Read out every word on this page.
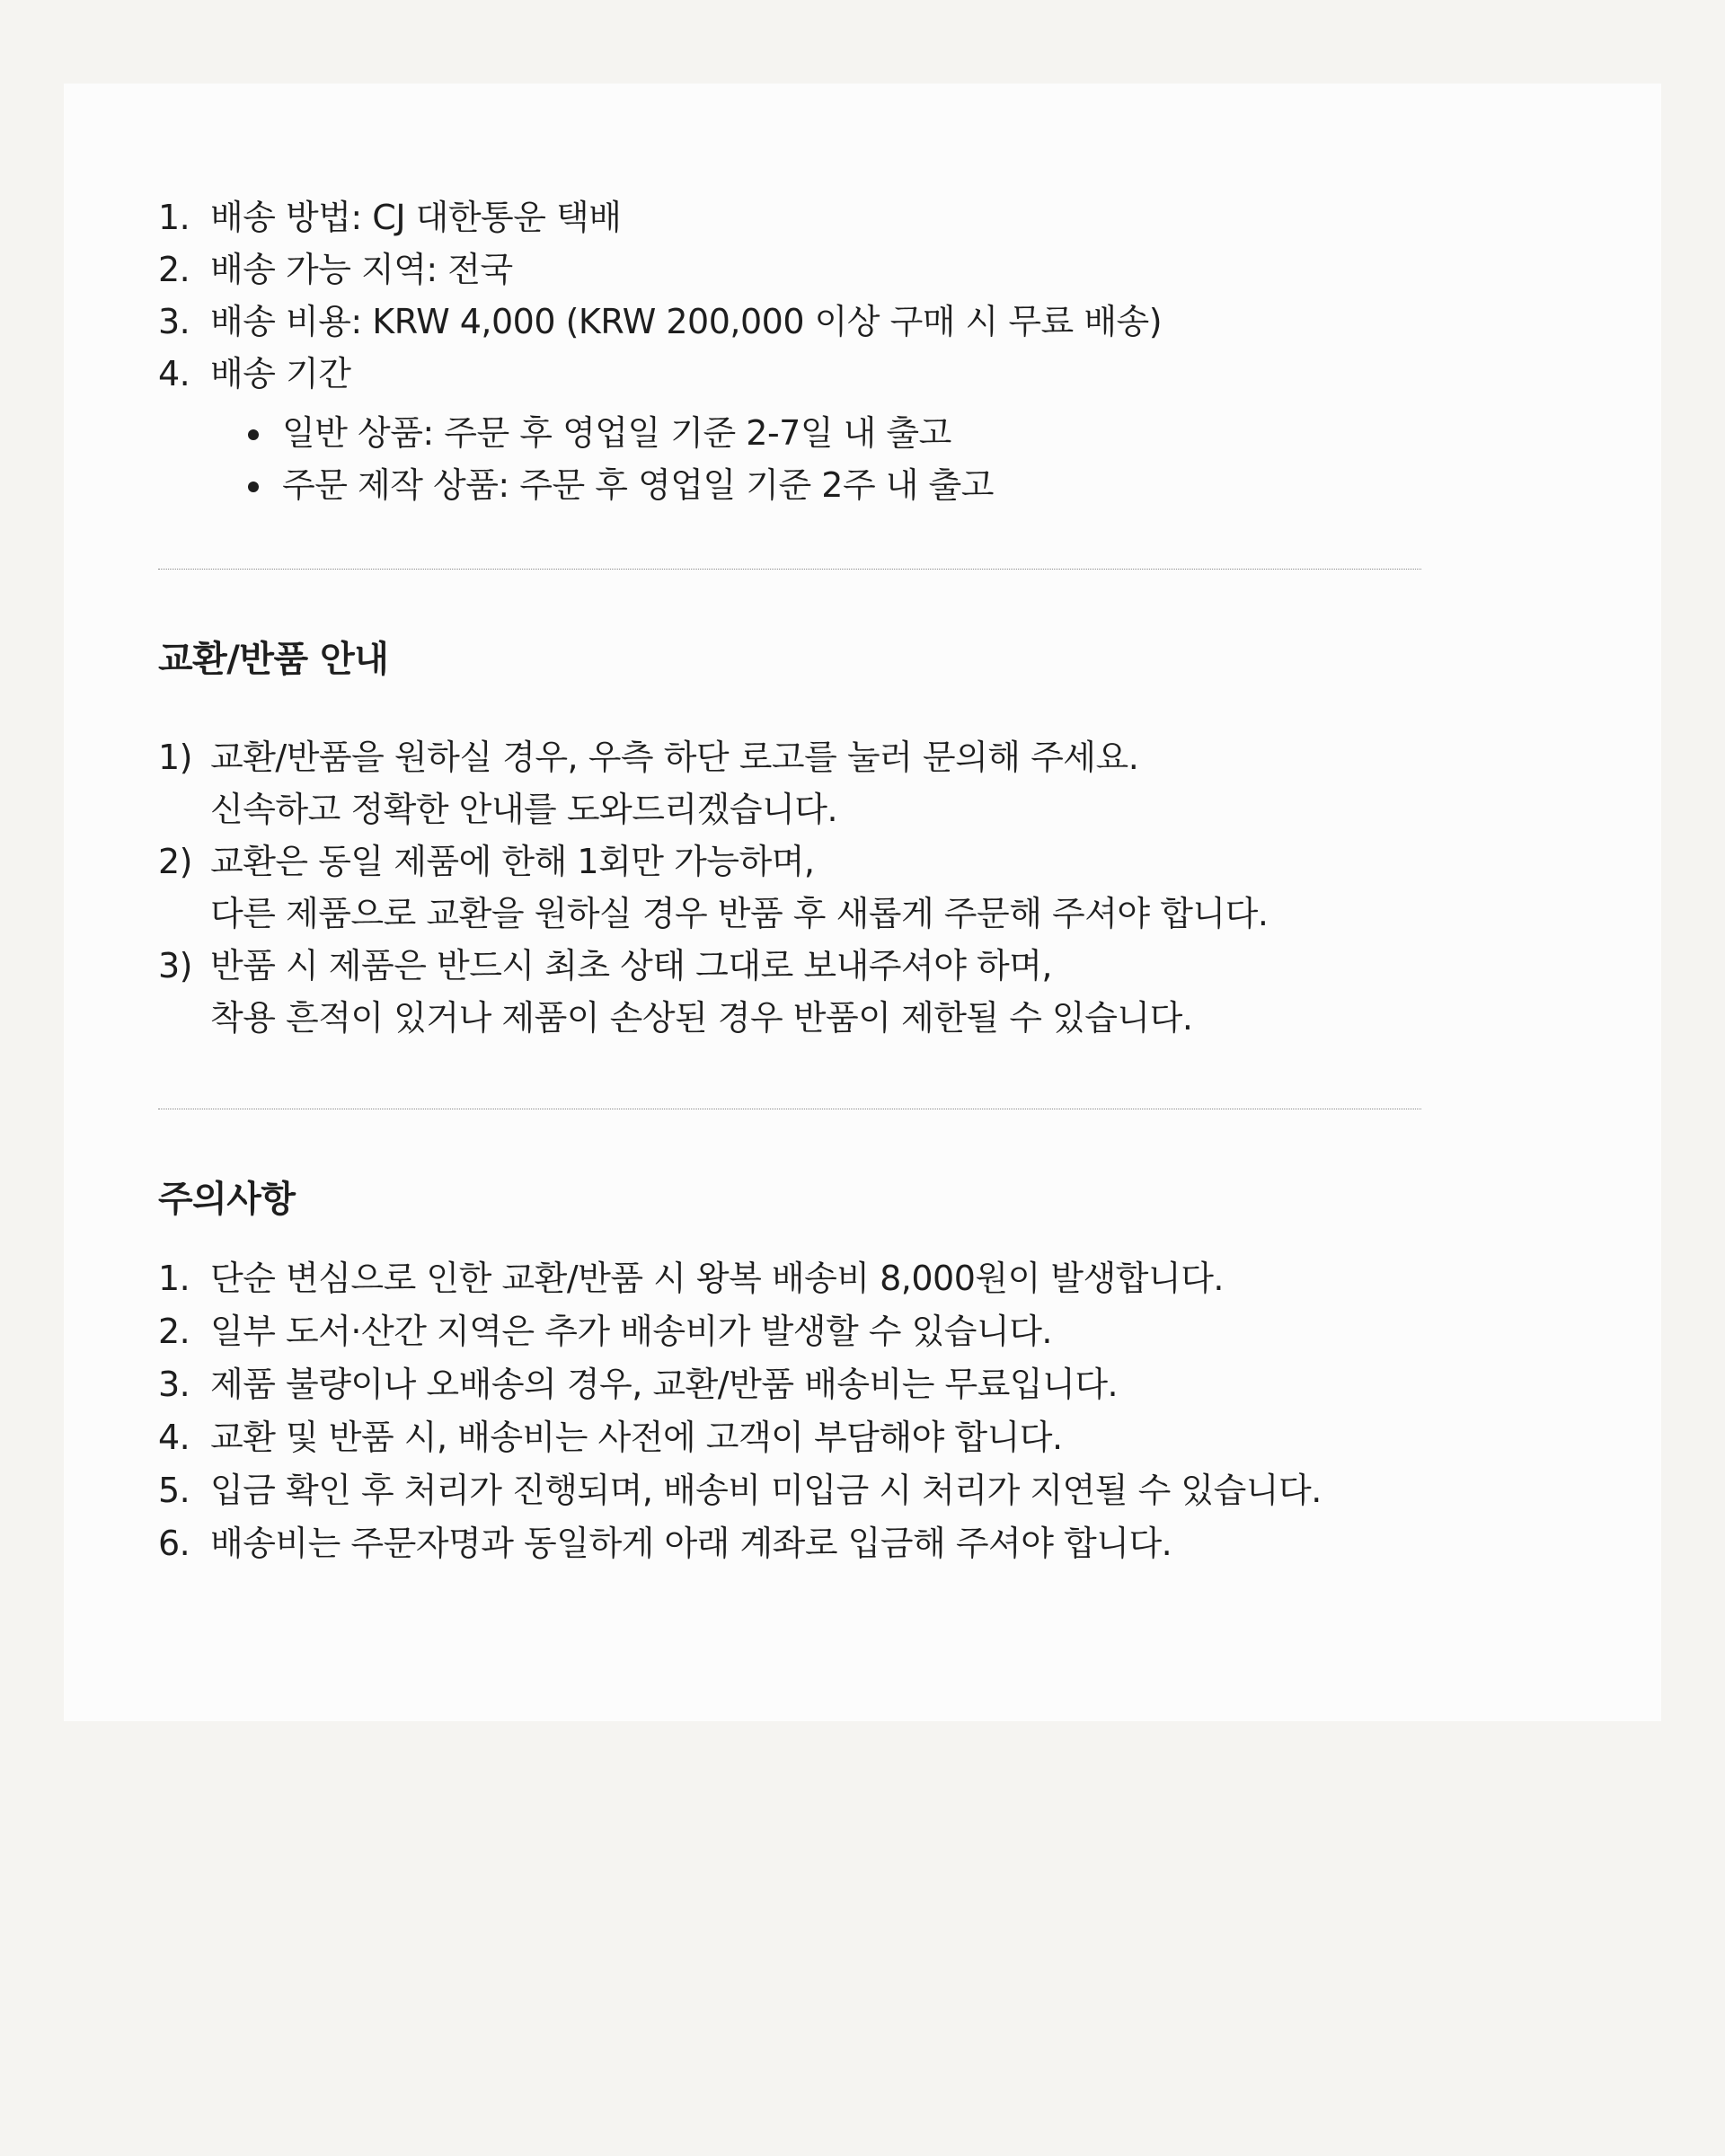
1. 배송 방법: CJ 대한통운 택배
2. 배송 가능 지역: 전국
3. 배송 비용: KRW 4,000 (KRW 200,000 이상 구매 시 무료 배송)
4. 배송 기간
일반 상품: 주문 후 영업일 기준 2-7일 내 출고
주문 제작 상품: 주문 후 영업일 기준 2주 내 출고
교환/반품 안내
1) 교환/반품을 원하실 경우, 우측 하단 로고를 눌러 문의해 주세요.
신속하고 정확한 안내를 도와드리겠습니다.
2) 교환은 동일 제품에 한해 1회만 가능하며,
다른 제품으로 교환을 원하실 경우 반품 후 새롭게 주문해 주셔야 합니다.
3) 반품 시 제품은 반드시 최초 상태 그대로 보내주셔야 하며,
착용 흔적이 있거나 제품이 손상된 경우 반품이 제한될 수 있습니다.
주의사항
1. 단순 변심으로 인한 교환/반품 시 왕복 배송비 8,000원이 발생합니다.
2. 일부 도서·산간 지역은 추가 배송비가 발생할 수 있습니다.
3. 제품 불량이나 오배송의 경우, 교환/반품 배송비는 무료입니다.
4. 교환 및 반품 시, 배송비는 사전에 고객이 부담해야 합니다.
5. 입금 확인 후 처리가 진행되며, 배송비 미입금 시 처리가 지연될 수 있습니다.
6. 배송비는 주문자명과 동일하게 아래 계좌로 입금해 주셔야 합니다.
